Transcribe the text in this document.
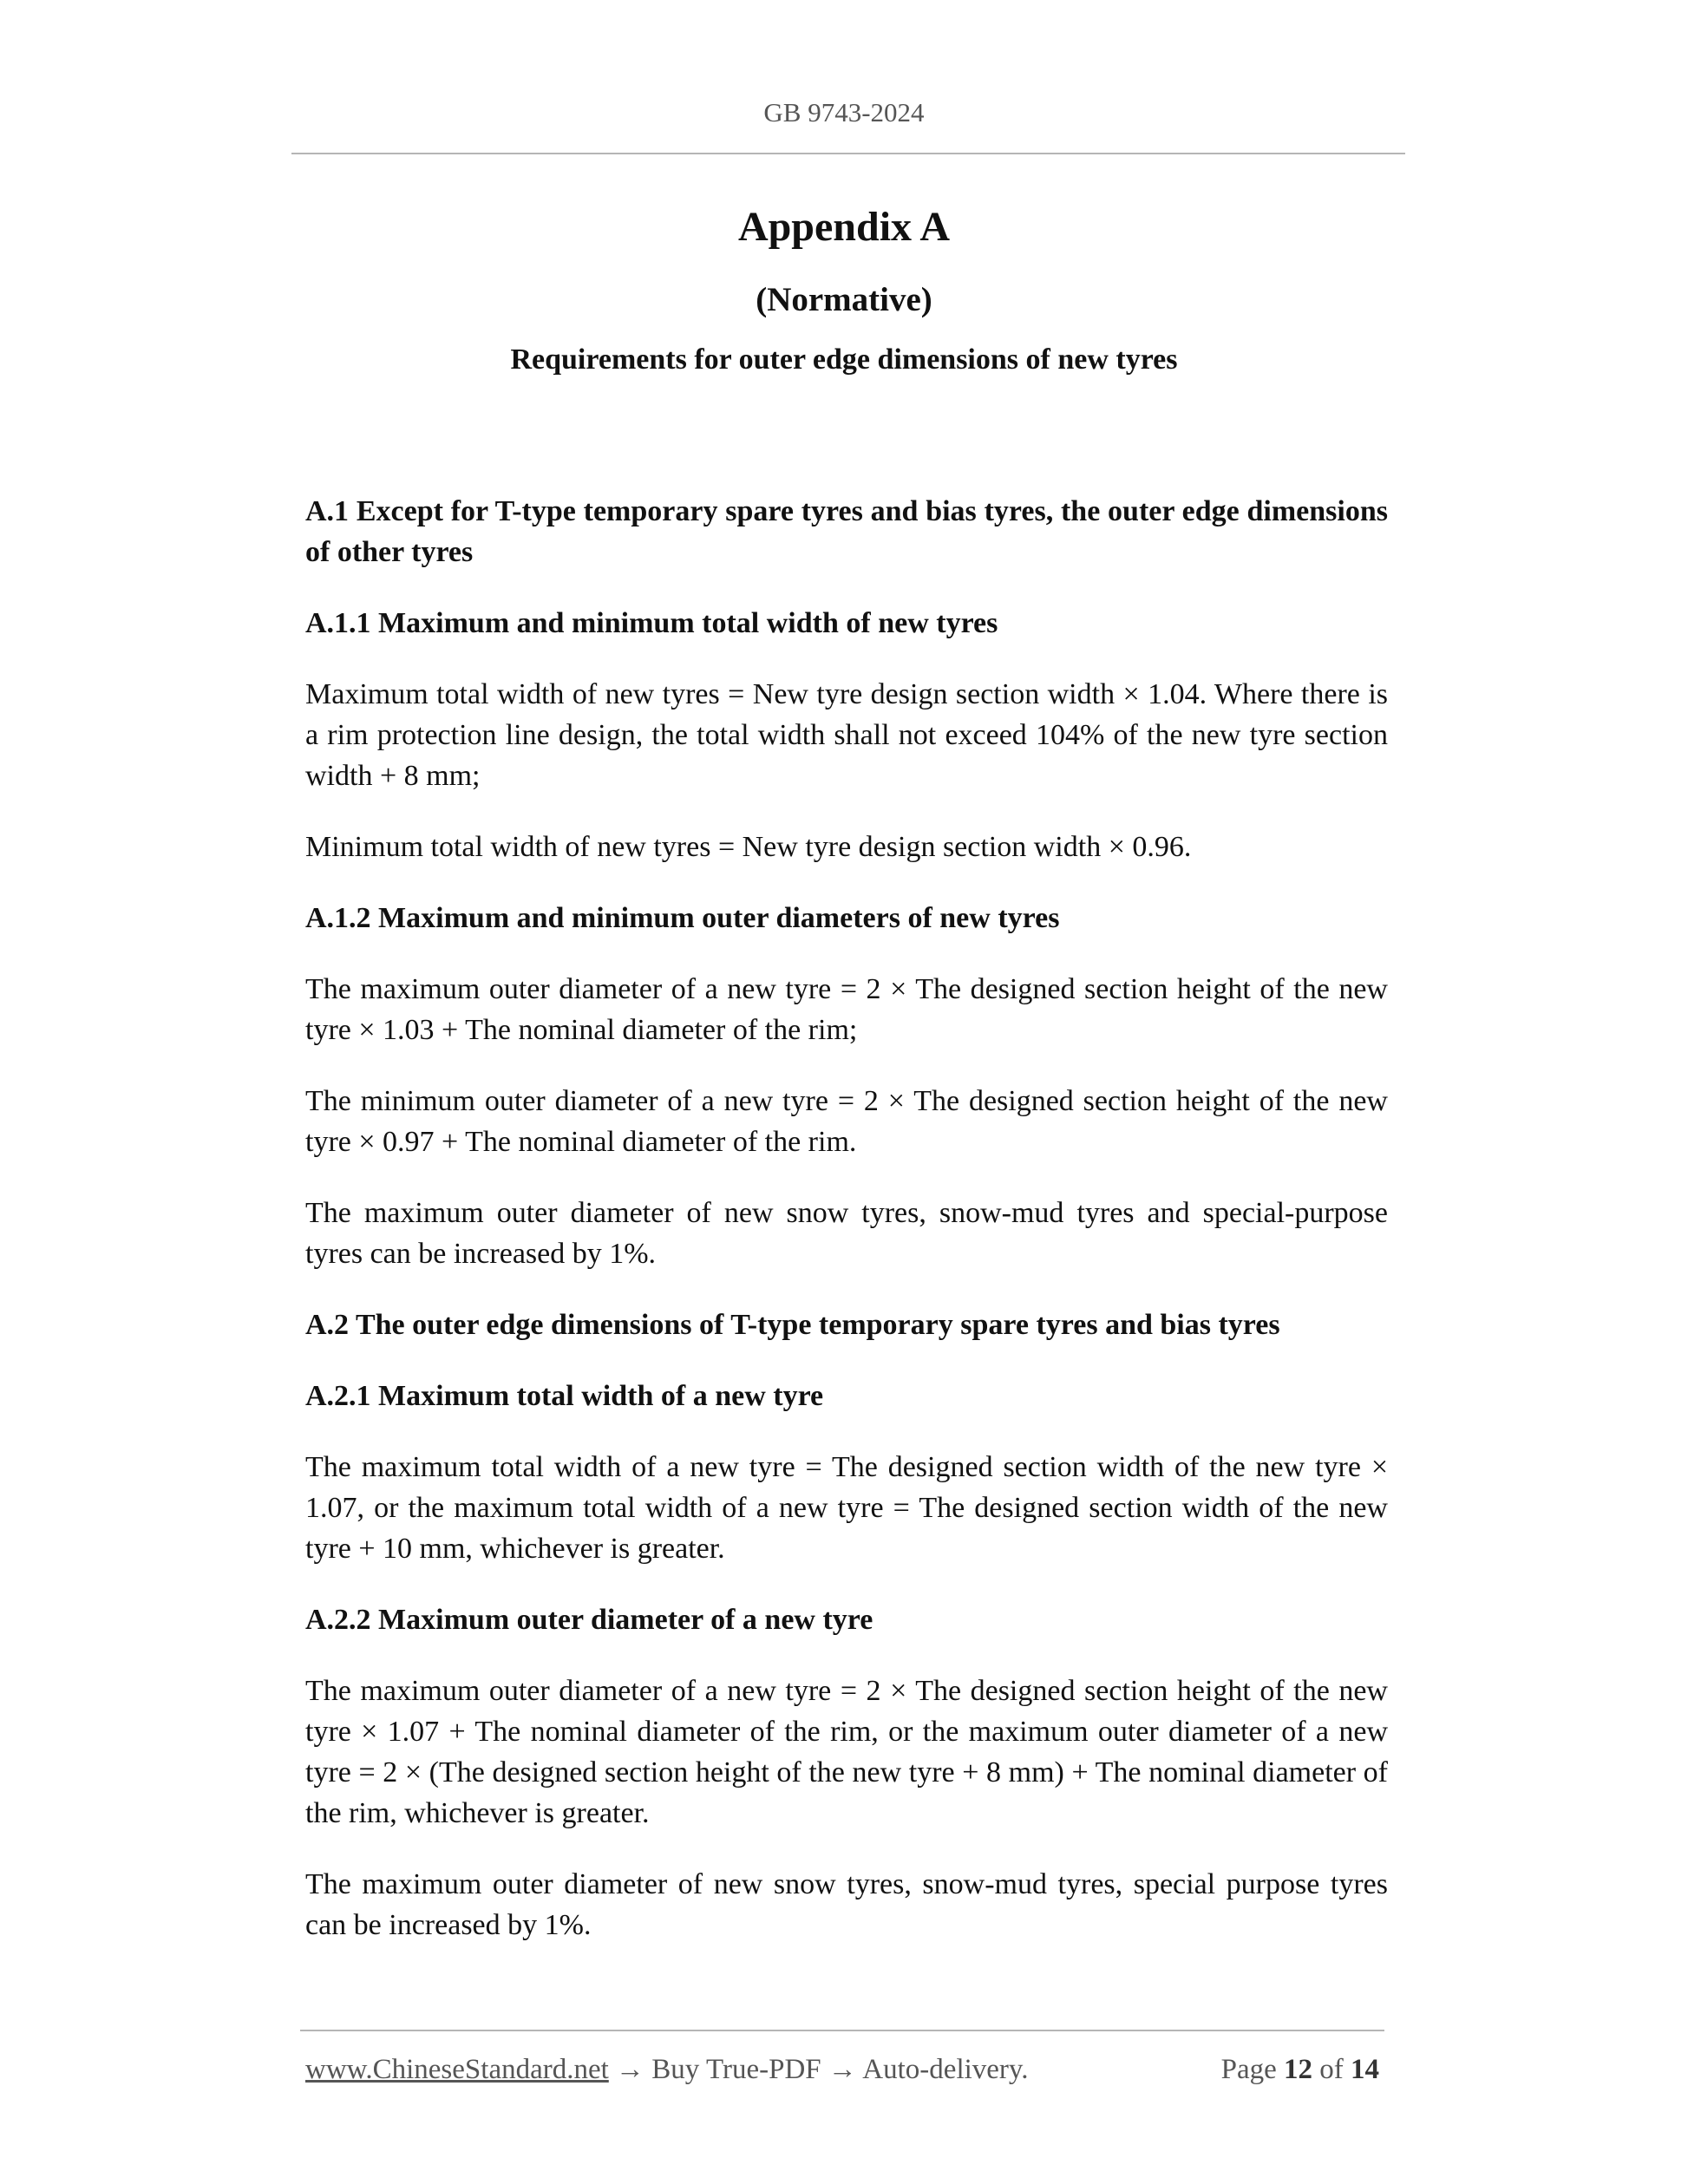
GB 9743-2024

Appendix A

(Normative)

Requirements for outer edge dimensions of new tyres

A.1 Except for T-type temporary spare tyres and bias tyres, the outer edge dimensions of other tyres

A.1.1 Maximum and minimum total width of new tyres

Maximum total width of new tyres = New tyre design section width × 1.04. Where there is a rim protection line design, the total width shall not exceed 104% of the new tyre section width + 8 mm;

Minimum total width of new tyres = New tyre design section width × 0.96.

A.1.2 Maximum and minimum outer diameters of new tyres

The maximum outer diameter of a new tyre = 2 × The designed section height of the new tyre × 1.03 + The nominal diameter of the rim;

The minimum outer diameter of a new tyre = 2 × The designed section height of the new tyre × 0.97 + The nominal diameter of the rim.

The maximum outer diameter of new snow tyres, snow-mud tyres and special-purpose tyres can be increased by 1%.

A.2 The outer edge dimensions of T-type temporary spare tyres and bias tyres

A.2.1 Maximum total width of a new tyre

The maximum total width of a new tyre = The designed section width of the new tyre × 1.07, or the maximum total width of a new tyre = The designed section width of the new tyre + 10 mm, whichever is greater.

A.2.2 Maximum outer diameter of a new tyre

The maximum outer diameter of a new tyre = 2 × The designed section height of the new tyre × 1.07 + The nominal diameter of the rim, or the maximum outer diameter of a new tyre = 2 × (The designed section height of the new tyre + 8 mm) + The nominal diameter of the rim, whichever is greater.

The maximum outer diameter of new snow tyres, snow-mud tyres, special purpose tyres can be increased by 1%.

www.ChineseStandard.net → Buy True-PDF → Auto-delivery.	Page 12 of 14
